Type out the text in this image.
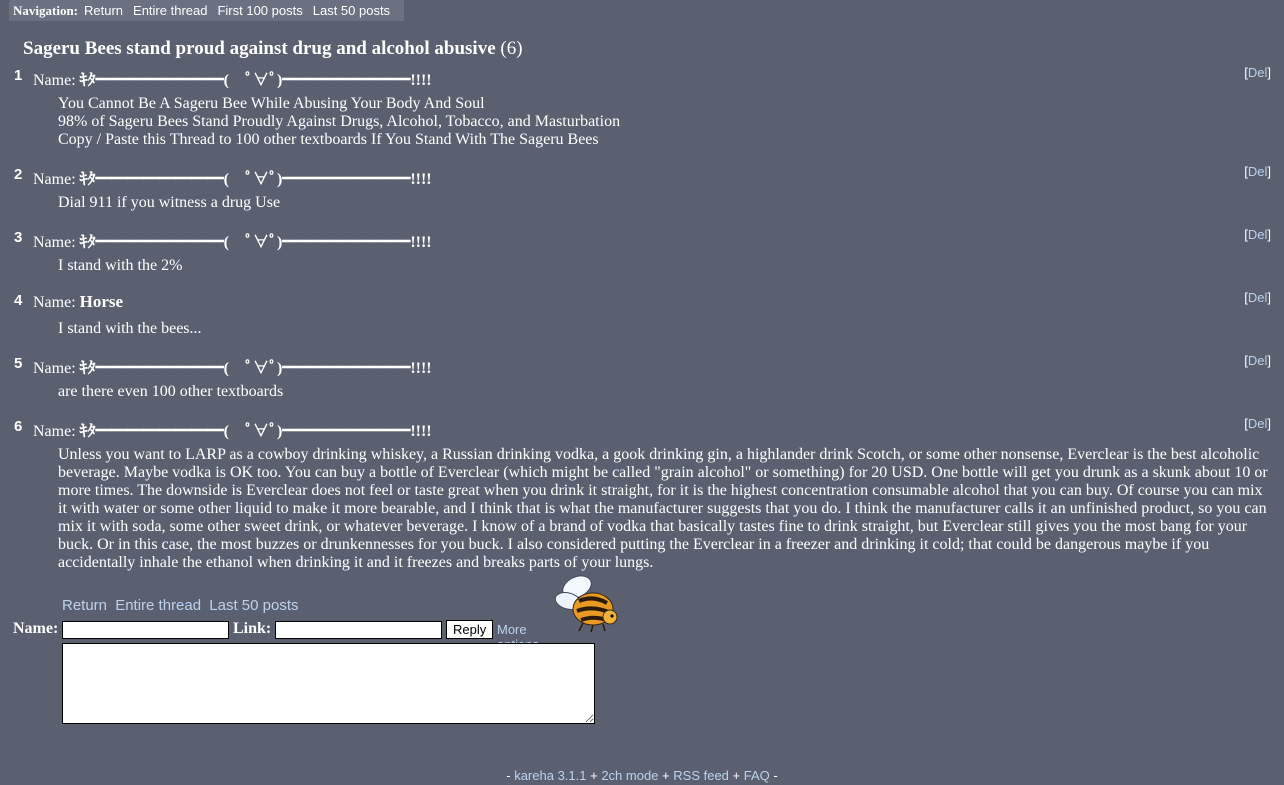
Navigation: Return Entire thread First 100 posts Last 50 posts
Sageru Bees stand proud against drug and alcohol abusive (6)
1 Name: ｷﾀ━━━━━━━━(　ﾟ∀ﾟ)━━━━━━━━!!!!	[Del]

You Cannot Be A Sageru Bee While Abusing Your Body And Soul

98% of Sageru Bees Stand Proudly Against Drugs, Alcohol, Tobacco, and Masturbation

Copy / Paste this Thread to 100 other textboards If You Stand With The Sageru Bees

2 Name: ｷﾀ━━━━━━━━(　ﾟ∀ﾟ)━━━━━━━━!!!!	[Del]

Dial 911 if you witness a drug Use

3 Name: ｷﾀ━━━━━━━━(　ﾟ∀ﾟ)━━━━━━━━!!!!	[Del]

I stand with the 2%

4 Name: Horse	[Del]

I stand with the bees...

5 Name: ｷﾀ━━━━━━━━(　ﾟ∀ﾟ)━━━━━━━━!!!!	[Del]

are there even 100 other textboards

6 Name: ｷﾀ━━━━━━━━(　ﾟ∀ﾟ)━━━━━━━━!!!!	[Del]

Unless you want to LARP as a cowboy drinking whiskey, a Russian drinking vodka, a gook drinking gin, a highlander drink Scotch, or some other nonsense, Everclear is the best alcoholic beverage. Maybe vodka is OK too. You can buy a bottle of Everclear (which might be called "grain alcohol" or something) for 20 USD. One bottle will get you drunk as a skunk about 10 or more times. The downside is Everclear does not feel or taste great when you drink it straight, for it is the highest concentration consumable alcohol that you can buy. Of course you can mix it with water or some other liquid to make it more bearable, and I think that is what the manufacturer suggests that you do. I think the manufacturer calls it an unfinished product, so you can mix it with soda, some other sweet drink, or whatever beverage. I know of a brand of vodka that basically tastes fine to drink straight, but Everclear still gives you the most bang for your buck. Or in this case, the most buzzes or drunkennesses for you buck. I also considered putting the Everclear in a freezer and drinking it cold; that could be dangerous maybe if you accidentally inhale the ethanol when drinking it and it freezes and breaks parts of your lungs.

Return Entire thread Last 50 posts
Name:	Link:	Reply More
- kareha 3.1.1 + 2ch mode + RSS feed + FAQ -
